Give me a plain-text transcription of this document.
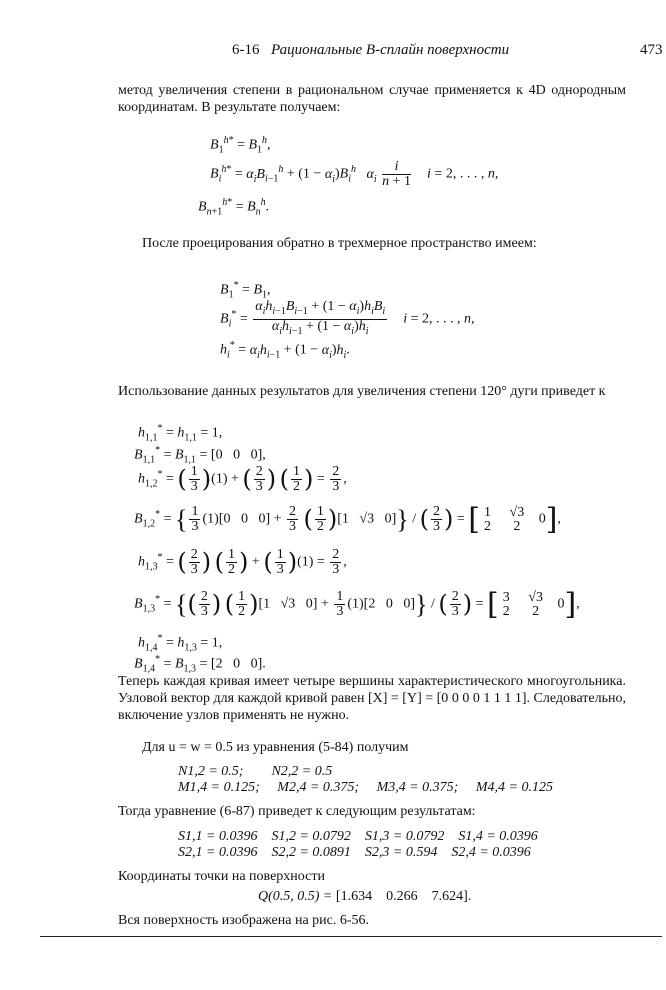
6-16 Рациональные B-сплайн поверхности	473
метод увеличения степени в рациональном случае применяется к 4D однородным координатам. В результате получаем:
$B_1^{h*} = B_1^h$,
$B_i^{h*} = \alpha_iB_{i-1}^h + (1 - \alpha_i)B_i^h$ $\alpha_i \frac{i}{n + 1}$ i = 2, . . . , n,
$B_{n+1}^{h*} = B_n^h$.
После проецирования обратно в трехмерное пространство имеем:
$B_1^* = B_1$,
$B_i^* = \frac{\alpha_ih_{i-1}B_{i-1} + (1 - \alpha_i)h_iB_i}{\alpha_ih_{i-1} + (1 - \alpha_i)h_i}$ i = 2, . . . , n,
$h_i^* = \alpha_ih_{i-1} + (1 - \alpha_i)h_i$.
Использование данных результатов для увеличения степени 120° дуги приведет к
$h_{1,1}^* = h_{1,1} = 1$,
$B_{1,1}^* = B_{1,1} = [0$   0   0],
$h_{1,2}^*$ = ( $\frac{1}{3} )(1)$ + ( $\frac{2}{3}$ ) ( $\frac{1}{2}$ ) = $\frac{2}{3}$ ,
$B_{1,2}^*$ = { $\frac{1}{3} (1)[0$   0   $0] + \frac{2}{3}$ ( $\frac{1}{2} )[1$   √3   0]} / ( $\frac{2}{3}$ ) = [ 1
2

√3
2 0],
$h_{1,3}^*$ = ( $\frac{2}{3}$ ) ( $\frac{1}{2}$ ) + ( $\frac{1}{3} )(1) = \frac{2}{3}$ ,
$B_{1,3}^*$ = {( $\frac{2}{3}$ ) ( $\frac{1}{2} )[1$   √3   $0] + \frac{1}{3} (1)[2$   0   0]} / ( $\frac{2}{3}$ ) = [ 3
2

√3
2 0],
$h_{1,4}^* = h_{1,3} = 1$,
$B_{1,4}^* = B_{1,3} = [2$   0   0].
Теперь каждая кривая имеет четыре вершины характеристического многоугольника. Узловой вектор для каждой кривой равен [X] = [Y] = [0 0 0 0 1 1 1 1]. Следовательно, включение узлов применять не нужно.
Для u = w = 0.5 из уравнения (5-84) получим
N1,2 = 0.5; N2,2 = 0.5
M1,4 = 0.125; M2,4 = 0.375; M3,4 = 0.375; M4,4 = 0.125
Тогда уравнение (6-87) приведет к следующим результатам:
S1,1 = 0.0396 S1,2 = 0.0792 S1,3 = 0.0792 S1,4 = 0.0396
S2,1 = 0.0396 S2,2 = 0.0891 S2,3 = 0.594 S2,4 = 0.0396
Координаты точки на поверхности
Q(0.5, 0.5) = [1.634 0.266 7.624].
Вся поверхность изображена на рис. 6-56.
